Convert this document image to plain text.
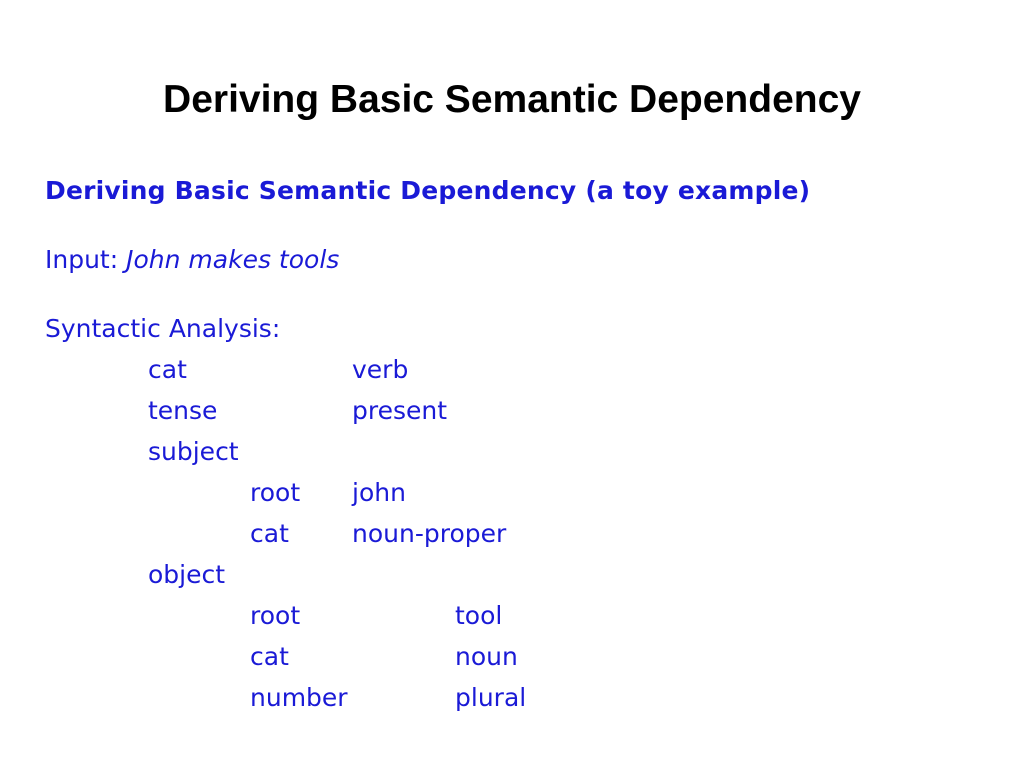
Deriving Basic Semantic Dependency
Deriving Basic Semantic Dependency (a toy example)
Input: John makes tools
Syntactic Analysis:
cat	verb
tense	present
subject
root john
cat	noun-proper
object
root	tool
cat	noun
number	plural
